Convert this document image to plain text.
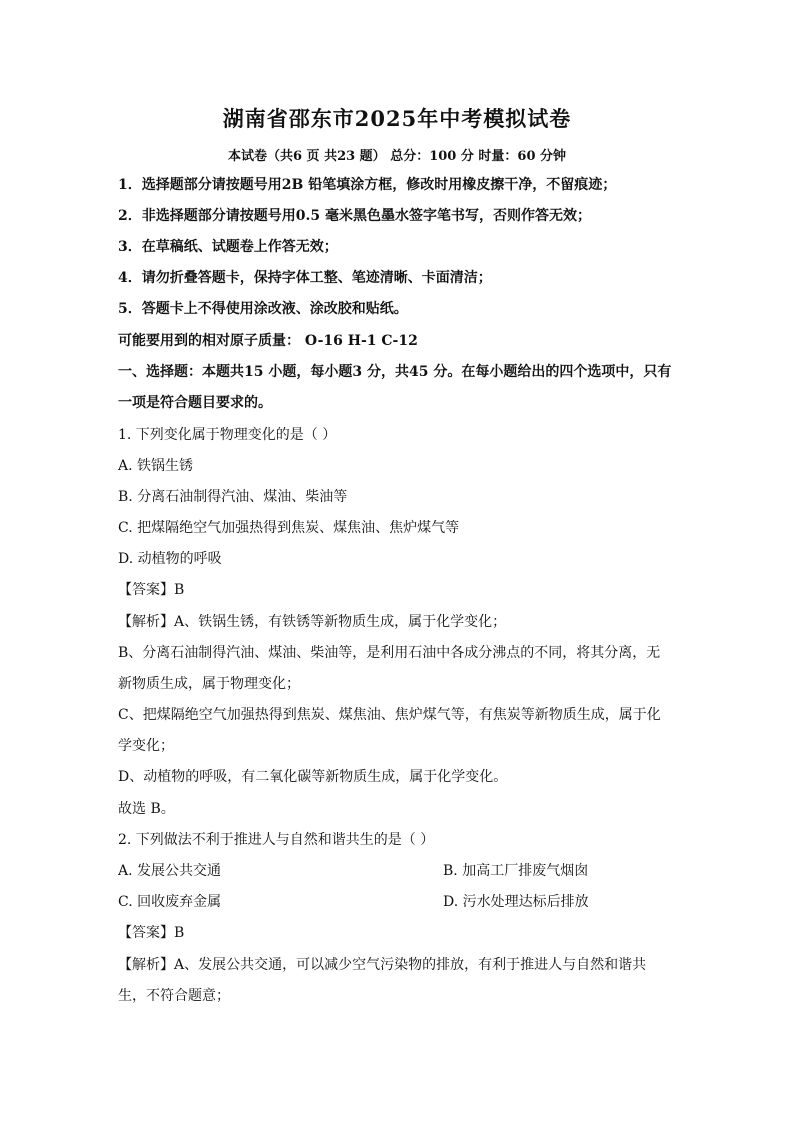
湖南省邵东市2025年中考模拟试卷
本试卷（共6 页 共23 题） 总分：100 分 时量：60 分钟
1．选择题部分请按题号用2B 铅笔填涂方框，修改时用橡皮擦干净，不留痕迹；
2．非选择题部分请按题号用0.5 毫米黑色墨水签字笔书写，否则作答无效；
3．在草稿纸、试题卷上作答无效；
4．请勿折叠答题卡，保持字体工整、笔迹清晰、卡面清洁；
5．答题卡上不得使用涂改液、涂改胶和贴纸。
可能要用到的相对原子质量： O-16 H-1 C-12
一、选择题：本题共15 小题，每小题3 分，共45 分。在每小题给出的四个选项中，只有
一项是符合题目要求的。
1. 下列变化属于物理变化的是（ ）
A. 铁锅生锈
B. 分离石油制得汽油、煤油、柴油等
C. 把煤隔绝空气加强热得到焦炭、煤焦油、焦炉煤气等
D. 动植物的呼吸
【答案】B
【解析】A、铁锅生锈，有铁锈等新物质生成，属于化学变化；
B、分离石油制得汽油、煤油、柴油等，是利用石油中各成分沸点的不同，将其分离，无
新物质生成，属于物理变化；
C、把煤隔绝空气加强热得到焦炭、煤焦油、焦炉煤气等，有焦炭等新物质生成，属于化
学变化；
D、动植物的呼吸，有二氧化碳等新物质生成，属于化学变化。
故选 B。
2. 下列做法不利于推进人与自然和谐共生的是（ ）
A. 发展公共交通	B. 加高工厂排废气烟囱
C. 回收废弃金属	D. 污水处理达标后排放
【答案】B
【解析】A、发展公共交通，可以减少空气污染物的排放，有利于推进人与自然和谐共
生，不符合题意；
